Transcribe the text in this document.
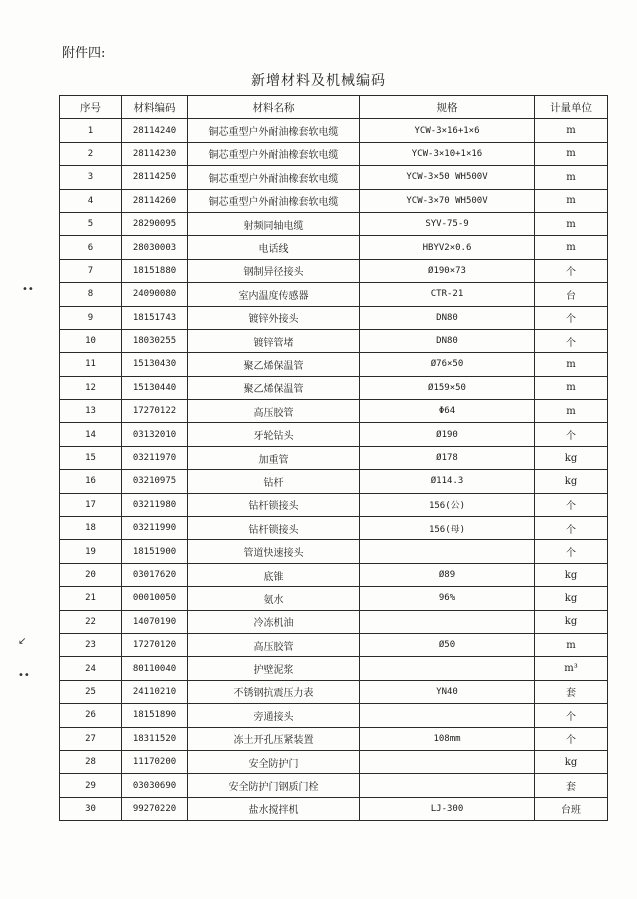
附件四:
新增材料及机械编码
序号	材料编码	材料名称	规格	计量单位
1	28114240	铜芯重型户外耐油橡套软电缆	YCW-3×16+1×6	m
2	28114230	铜芯重型户外耐油橡套软电缆	YCW-3×10+1×16	m
3	28114250	铜芯重型户外耐油橡套软电缆	YCW-3×50 WH500V	m
4	28114260	铜芯重型户外耐油橡套软电缆	YCW-3×70 WH500V	m
5	28290095	射频同轴电缆	SYV-75-9	m
6	28030003	电话线	HBYV2×0.6	m
7	18151880	钢制异径接头	Ø190×73	个
8	24090080	室内温度传感器	CTR-21	台
9	18151743	镀锌外接头	DN80	个
10	18030255	镀锌管堵	DN80	个
11	15130430	聚乙烯保温管	Ø76×50	m
12	15130440	聚乙烯保温管	Ø159×50	m
13	17270122	高压胶管	Φ64	m
14	03132010	牙轮钻头	Ø190	个
15	03211970	加重管	Ø178	kg
16	03210975	钻杆	Ø114.3	kg
17	03211980	钻杆锁接头	156(公)	个
18	03211990	钻杆锁接头	156(母)	个
19	18151900	管道快速接头		个
20	03017620	底锥	Ø89	kg
21	00010050	氨水	96%	kg
22	14070190	冷冻机油		kg
23	17270120	高压胶管	Ø50	m
24	80110040	护壁泥浆		m³
25	24110210	不锈钢抗震压力表	YN40	套
26	18151890	旁通接头		个
27	18311520	冻土开孔压紧装置	108mm	个
28	11170200	安全防护门		kg
29	03030690	安全防护门钢质门栓		套
30	99270220	盐水搅拌机	LJ-300	台班
••
↙
••
